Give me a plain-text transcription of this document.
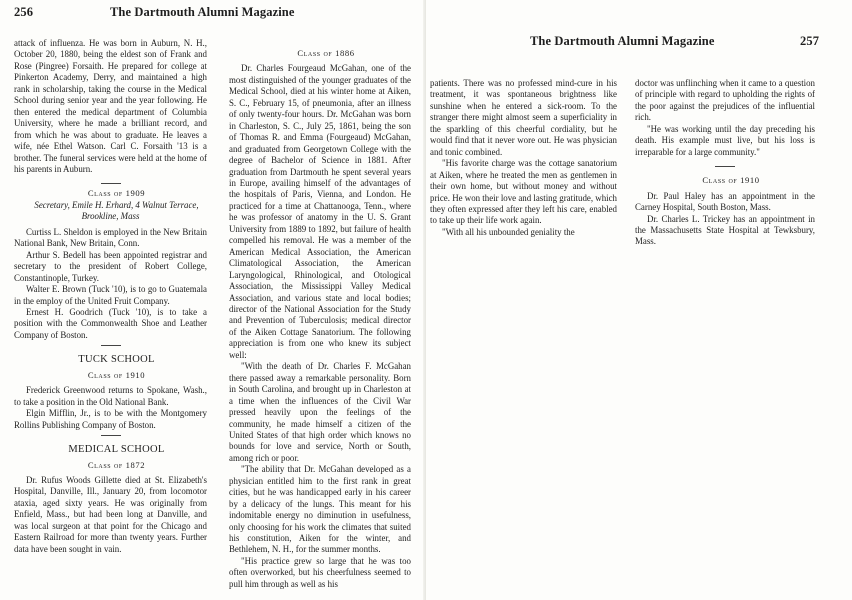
256	The Dartmouth Alumni Magazine

attack of influenza. He was born in Auburn, N. H., October 20, 1880, being the eldest son of Frank and Rose (Pingree) Forsaith. He prepared for college at Pinkerton Academy, Derry, and maintained a high rank in scholarship, taking the course in the Medical School during senior year and the year following. He then entered the medical department of Columbia University, where he made a brilliant record, and from which he was about to graduate. He leaves a wife, née Ethel Watson. Carl C. Forsaith '13 is a brother. The funeral services were held at the home of his parents in Auburn.

Class of 1909

Secretary, Emile H. Erhard, 4 Walnut Terrace, Brookline, Mass

Curtiss L. Sheldon is employed in the New Britain National Bank, New Britain, Conn.

Arthur S. Bedell has been appointed registrar and secretary to the president of Robert College, Constantinople, Turkey.

Walter E. Brown (Tuck '10), is to go to Guatemala in the employ of the United Fruit Company.

Ernest H. Goodrich (Tuck '10), is to take a position with the Commonwealth Shoe and Leather Company of Boston.

TUCK SCHOOL

Class of 1910

Frederick Greenwood returns to Spokane, Wash., to take a position in the Old National Bank.

Elgin Mifflin, Jr., is to be with the Montgomery Rollins Publishing Company of Boston.

MEDICAL SCHOOL

Class of 1872

Dr. Rufus Woods Gillette died at St. Elizabeth's Hospital, Danville, Ill., January 20, from locomotor ataxia, aged sixty years. He was originally from Enfield, Mass., but had been long at Danville, and was local surgeon at that point for the Chicago and Eastern Railroad for more than twenty years. Further data have been sought in vain.

Class of 1886

Dr. Charles Fourgeaud McGahan, one of the most distinguished of the younger graduates of the Medical School, died at his winter home at Aiken, S. C., February 15, of pneumonia, after an illness of only twenty-four hours. Dr. McGahan was born in Charleston, S. C., July 25, 1861, being the son of Thomas R. and Emma (Fourgeaud) McGahan, and graduated from Georgetown College with the degree of Bachelor of Science in 1881. After graduation from Dartmouth he spent several years in Europe, availing himself of the advantages of the hospitals of Paris, Vienna, and London. He practiced for a time at Chattanooga, Tenn., where he was professor of anatomy in the U. S. Grant University from 1889 to 1892, but failure of health compelled his removal. He was a member of the American Medical Association, the American Climatological Association, the American Laryngological, Rhinological, and Otological Association, the Mississippi Valley Medical Association, and various state and local bodies; director of the National Association for the Study and Prevention of Tuberculosis; medical director of the Aiken Cottage Sanatorium. The following appreciation is from one who knew its subject well:

"With the death of Dr. Charles F. McGahan there passed away a remarkable personality. Born in South Carolina, and brought up in Charleston at a time when the influences of the Civil War pressed heavily upon the feelings of the community, he made himself a citizen of the United States of that high order which knows no bounds for love and service, North or South, among rich or poor.

"The ability that Dr. McGahan developed as a physician entitled him to the first rank in great cities, but he was handicapped early in his career by a delicacy of the lungs. This meant for his indomitable energy no diminution in usefulness, only choosing for his work the climates that suited his constitution, Aiken for the winter, and Bethlehem, N. H., for the summer months.

"His practice grew so large that he was too often overworked, but his cheerfulness seemed to pull him through as well as his

The Dartmouth Alumni Magazine	257

patients. There was no professed mind-cure in his treatment, it was spontaneous brightness like sunshine when he entered a sick-room. To the stranger there might almost seem a superficiality in the sparkling of this cheerful cordiality, but he would find that it never wore out. He was physician and tonic combined.

"His favorite charge was the cottage sanatorium at Aiken, where he treated the men as gentlemen in their own home, but without money and without price. He won their love and lasting gratitude, which they often expressed after they left his care, enabled to take up their life work again.

"With all his unbounded geniality the

doctor was unflinching when it came to a question of principle with regard to upholding the rights of the poor against the prejudices of the influential rich.

"He was working until the day preceding his death. His example must live, but his loss is irreparable for a large community."

Class of 1910

Dr. Paul Haley has an appointment in the Carney Hospital, South Boston, Mass.

Dr. Charles L. Trickey has an appointment in the Massachusetts State Hospital at Tewksbury, Mass.
